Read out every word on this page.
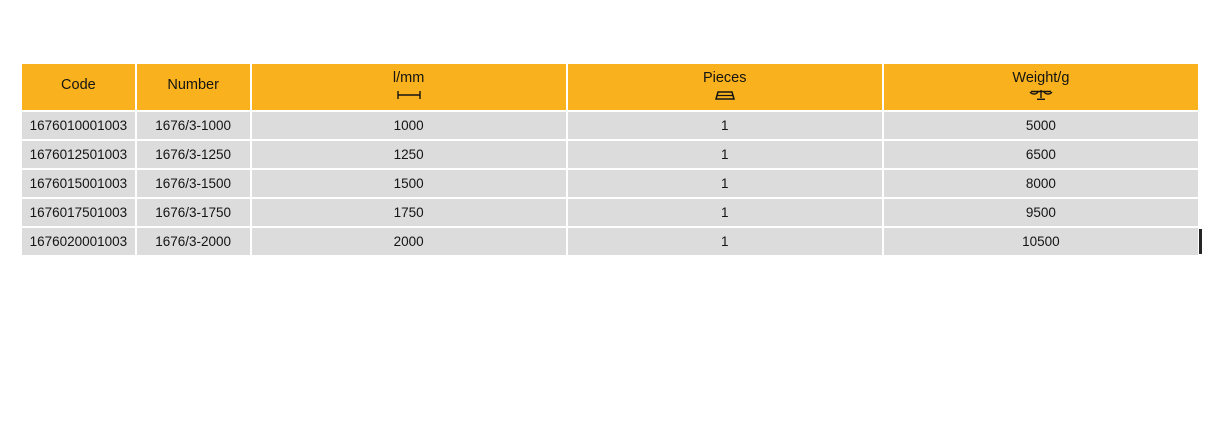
Code	Number	l/mm	Pieces	Weight/g

1676010001003	1676/3-1000	1000	1	5000
1676012501003	1676/3-1250	1250	1	6500
1676015001003	1676/3-1500	1500	1	8000
1676017501003	1676/3-1750	1750	1	9500
1676020001003	1676/3-2000	2000	1	10500
